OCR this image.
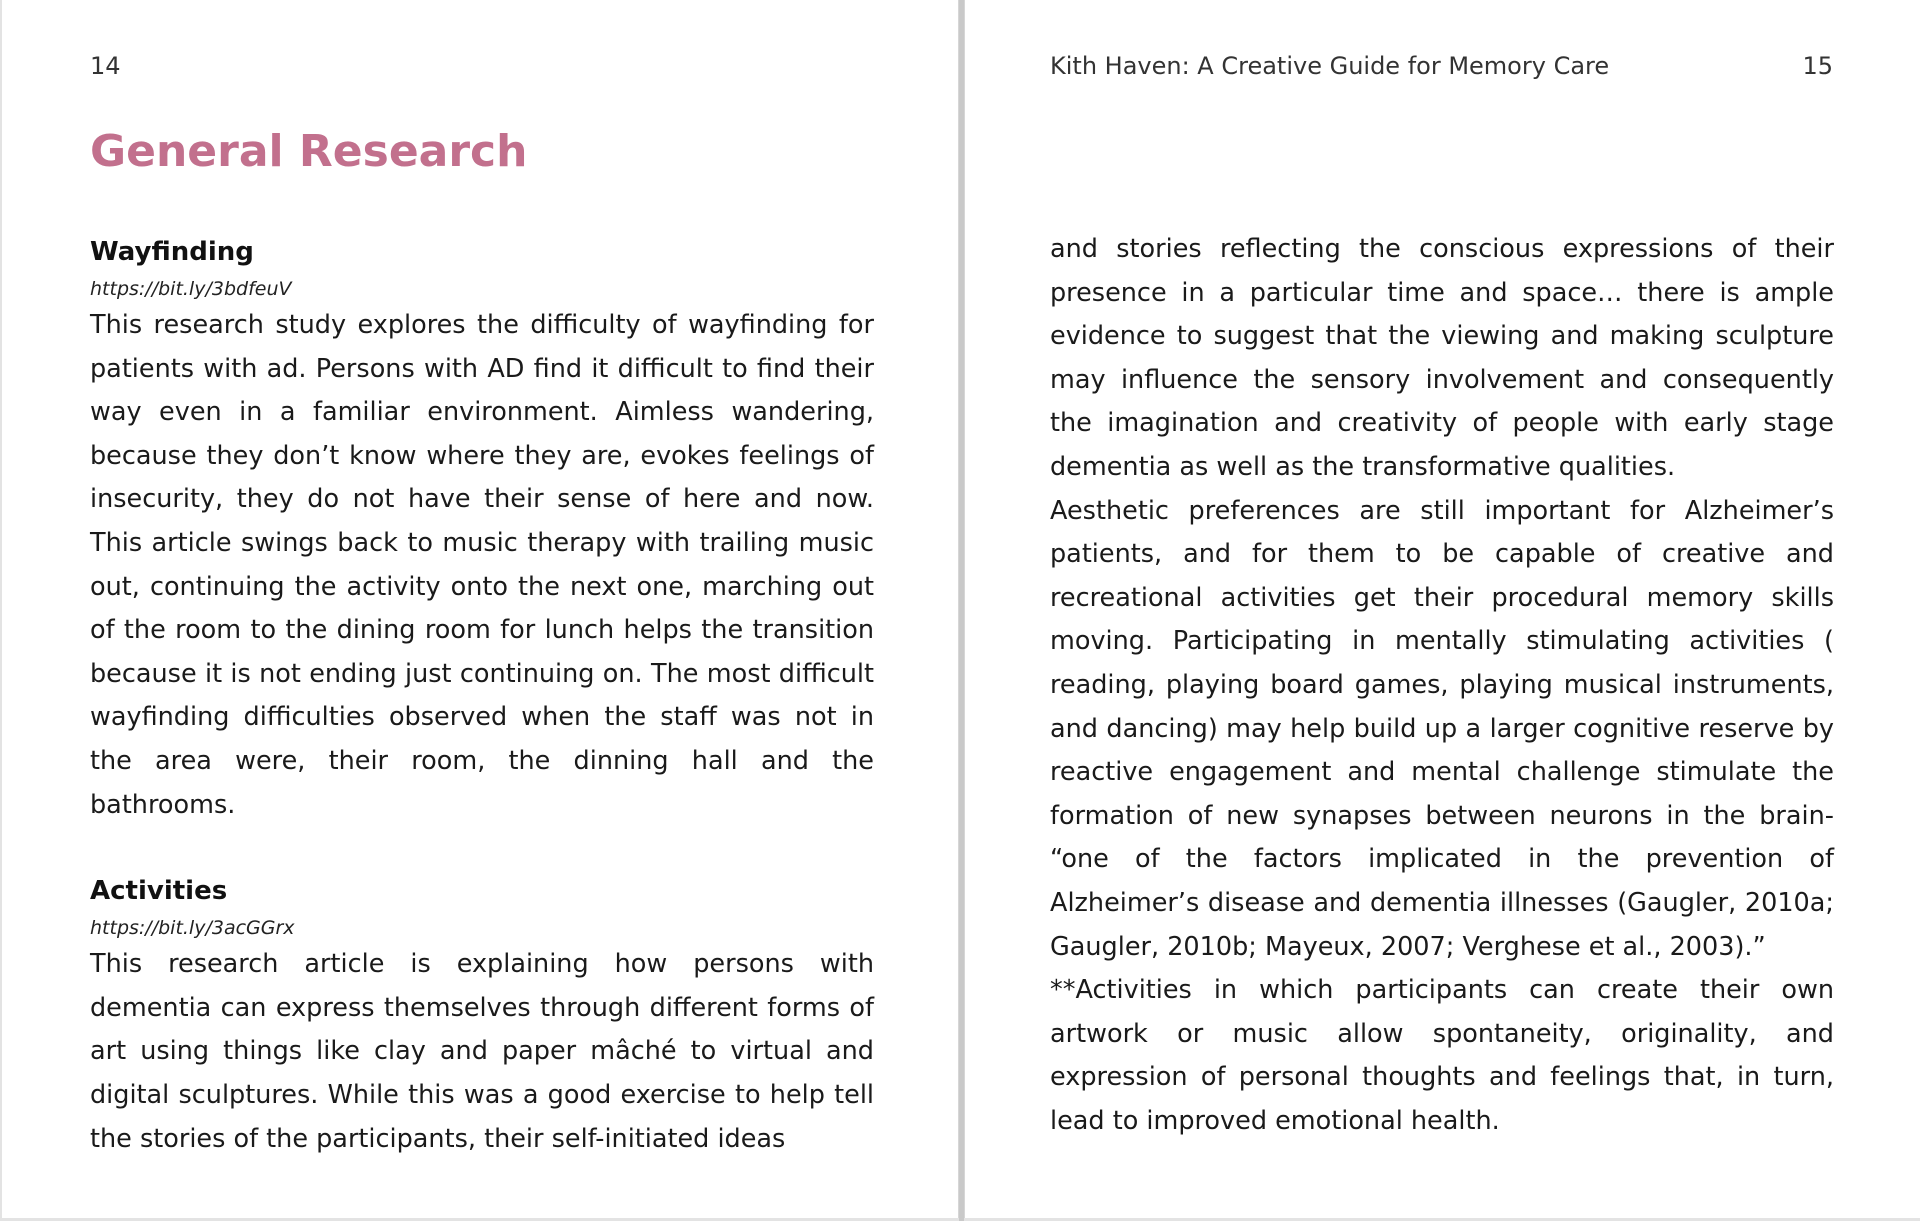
14
General Research
Wayfinding
https://bit.ly/3bdfeuV

This research study explores the difficulty of wayfinding for patients with ad. Persons with AD find it difficult to find their way even in a familiar environment. Aimless wandering, because they don’t know where they are, evokes feelings of insecurity, they do not have their sense of here and now. This article swings back to music therapy with trailing music out, continuing the activity onto the next one, marching out of the room to the dining room for lunch helps the transition because it is not ending just continuing on. The most difficult wayfinding difficulties observed when the staff was not in the area were, their room, the dinning hall and the bathrooms.

Activities
https://bit.ly/3acGGrx

This research article is explaining how persons with dementia can express themselves through different forms of art using things like clay and paper mâché to virtual and digital sculptures. While this was a good exercise to help tell the stories of the participants, their self-initiated ideas

Kith Haven: A Creative Guide for Memory Care	15

and stories reflecting the conscious expressions of their presence in a particular time and space… there is ample evidence to suggest that the viewing and making sculpture may influence the sensory involvement and consequently the imagination and creativity of people with early stage dementia as well as the transformative qualities.

Aesthetic preferences are still important for Alzheimer’s patients, and for them to be capable of creative and recreational activities get their procedural memory skills moving. Participating in mentally stimulating activities ( reading, playing board games, playing musical instruments, and dancing) may help build up a larger cognitive reserve by reactive engagement and mental challenge stimulate the formation of new synapses between neurons in the brain- “one of the factors implicated in the prevention of Alzheimer’s disease and dementia illnesses (Gaugler, 2010a; Gaugler, 2010b; Mayeux, 2007; Verghese et al., 2003).”

**Activities in which participants can create their own artwork or music allow spontaneity, originality, and expression of personal thoughts and feelings that, in turn, lead to improved emotional health.
